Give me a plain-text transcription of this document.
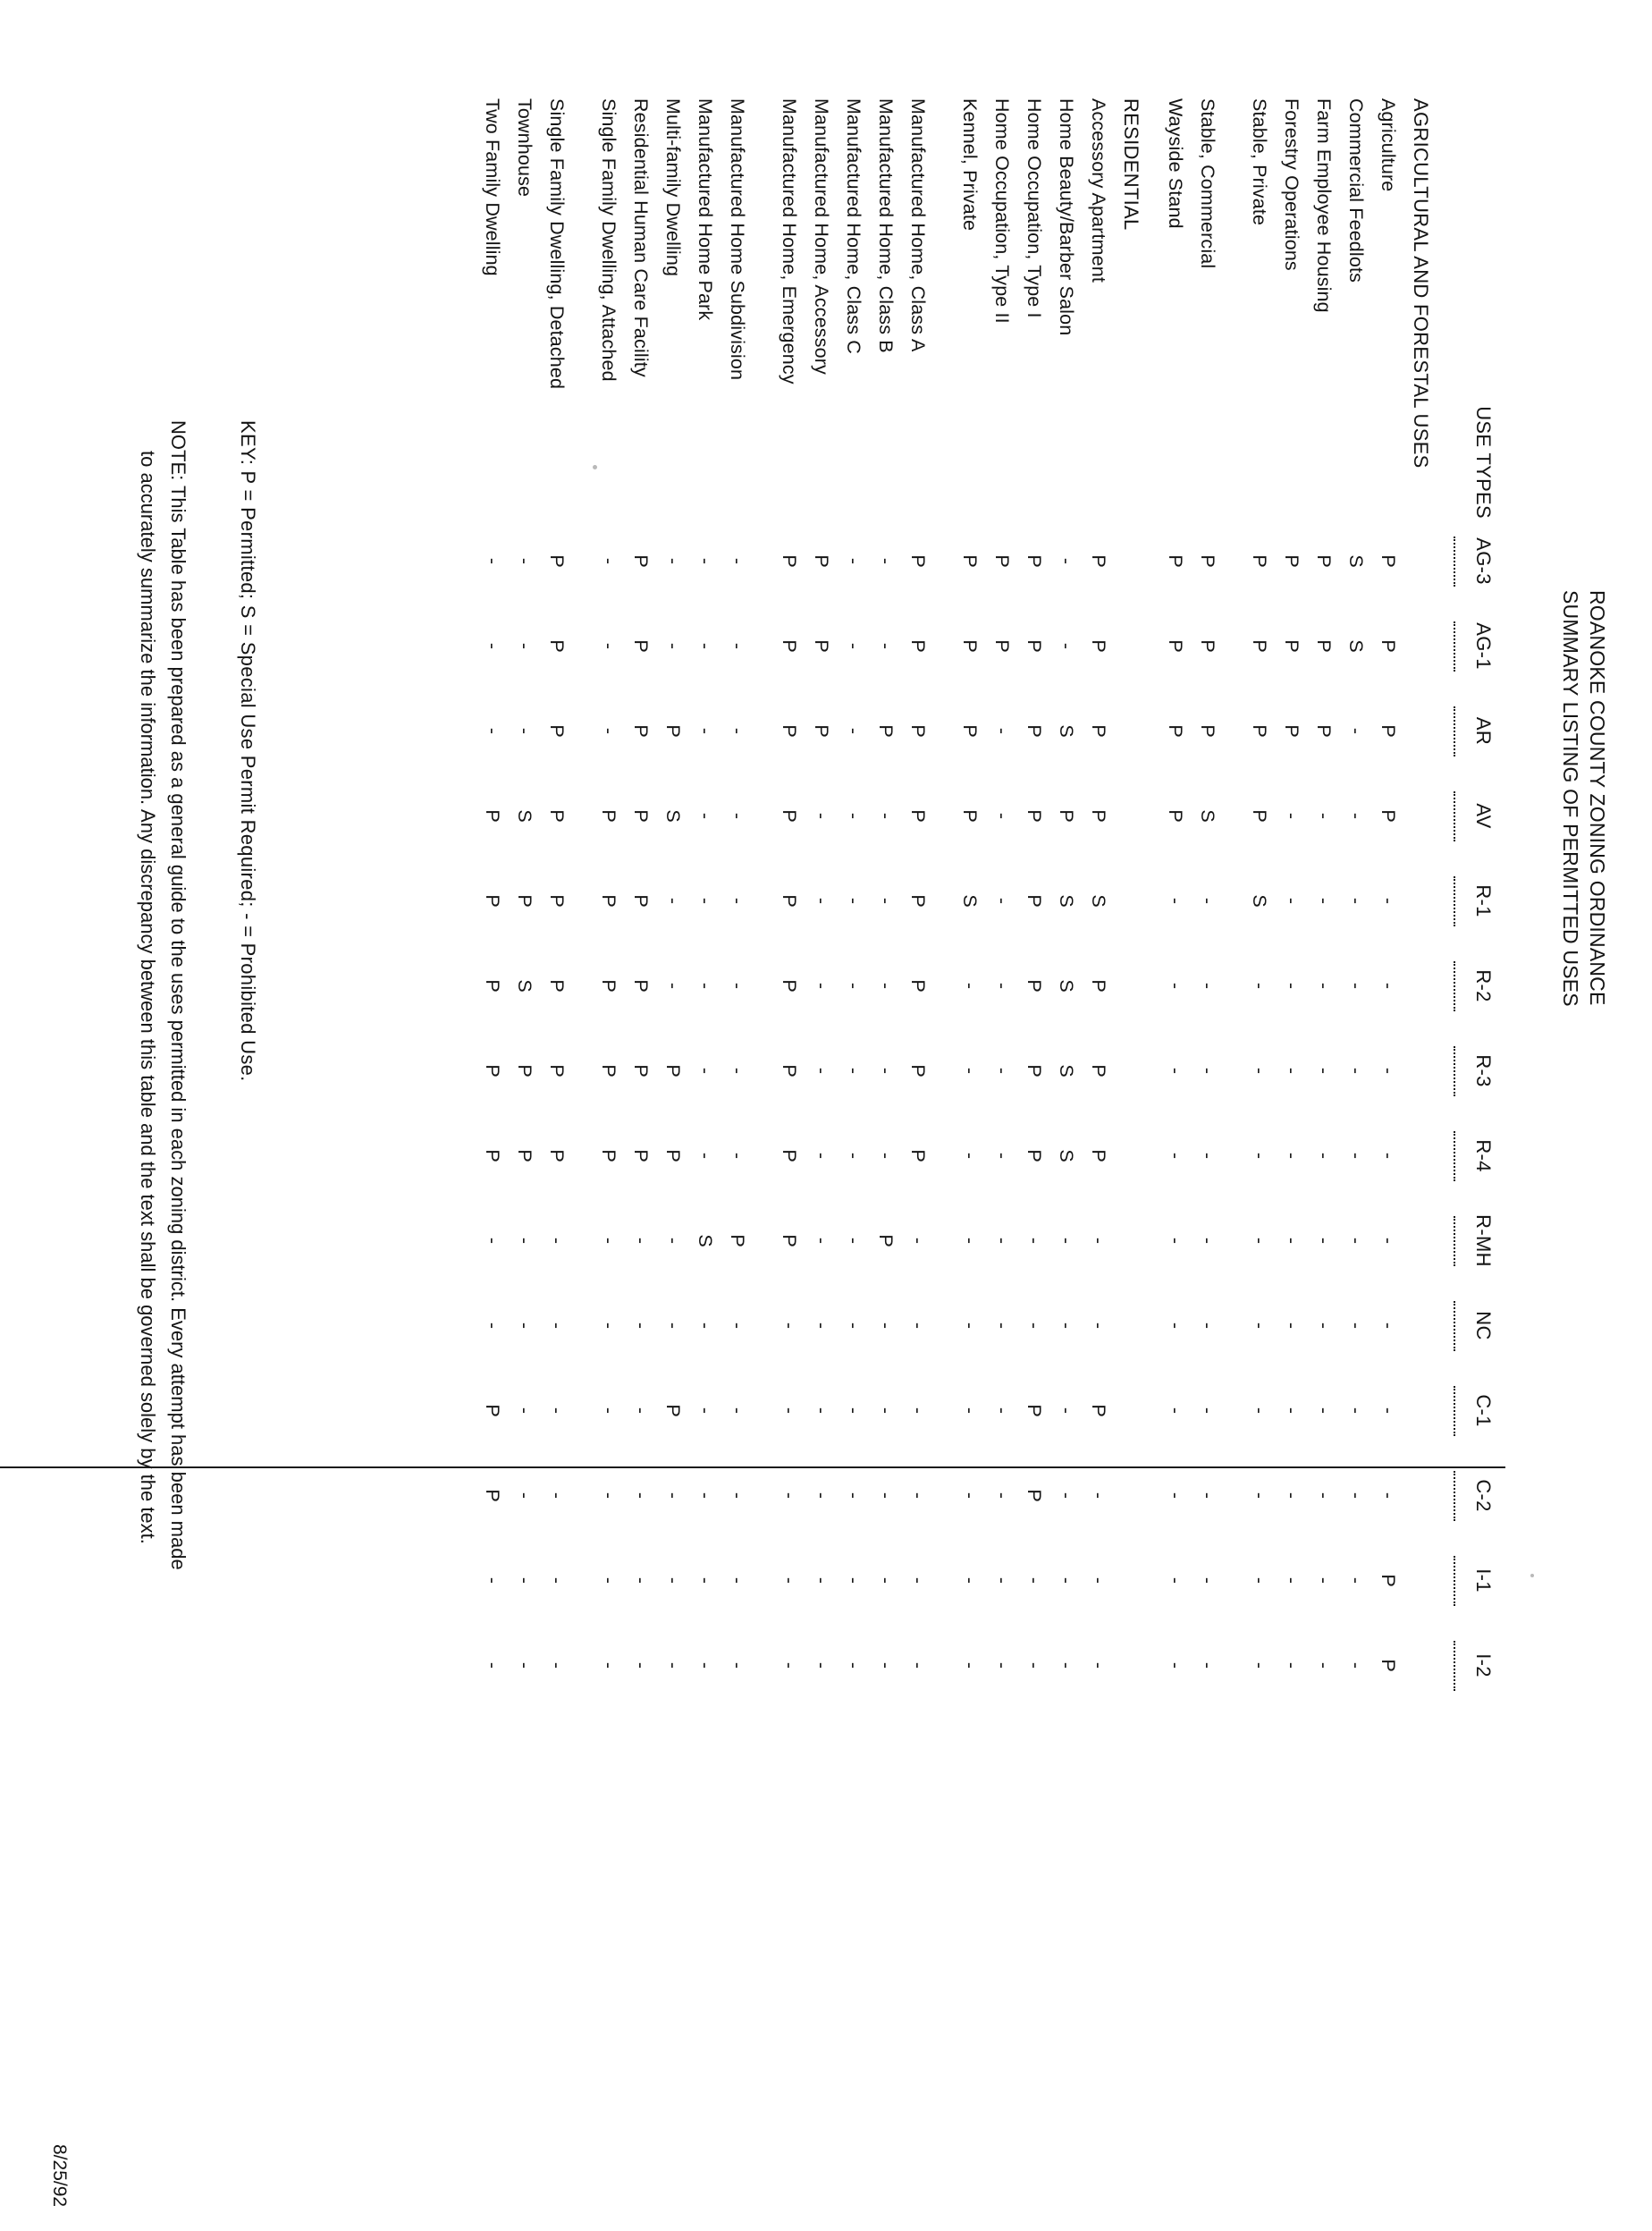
ROANOKE COUNTY ZONING ORDINANCE
SUMMARY LISTING OF PERMITTED USES
USE TYPES	AG-3	AG-1	AR	AV	R-1	R-2	R-3	R-4	R-MH	NC	C-1	C-2	I-1	I-2

AGRICULTURAL AND FORESTAL USES														
Agriculture	P	P	P	P	-	-	-	-	-	-	-	-	P	P
Commercial Feedlots	S	S	-	-	-	-	-	-	-	-	-	-	-	-
Farm Employee Housing	P	P	P	-	-	-	-	-	-	-	-	-	-	-
Forestry Operations	P	P	P	-	-	-	-	-	-	-	-	-	-	-
Stable, Private	P	P	P	P	S	-	-	-	-	-	-	-	-	-

Stable, Commercial	P	P	P	S	-	-	-	-	-	-	-	-	-	-
Wayside Stand	P	P	P	P	-	-	-	-	-	-	-	-	-	-
RESIDENTIAL														
Accessory Apartment	P	P	P	P	S	P	P	P	-	-	P	-	-	-
Home Beauty/Barber Salon	-	-	S	P	S	S	S	S	-	-	-	-	-	-
Home Occupation, Type I	P	P	P	P	P	P	P	P	-	-	P	P	-	-
Home Occupation, Type II	P	P	-	-	-	-	-	-	-	-	-	-	-	-
Kennel, Private	P	P	P	P	S	-	-	-	-	-	-	-	-	-

Manufactured Home, Class A	P	P	P	P	P	P	P	P	-	-	-	-	-	-
Manufactured Home, Class B	-	-	P	-	-	-	-	-	P	-	-	-	-	-
Manufactured Home, Class C	-	-	-	-	-	-	-	-	-	-	-	-	-	-
Manufactured Home, Accessory	P	P	P	-	-	-	-	-	-	-	-	-	-	-
Manufactured Home, Emergency	P	P	P	P	P	P	P	P	P	-	-	-	-	-

Manufactured Home Subdivision	-	-	-	-	-	-	-	-	P	-	-	-	-	-
Manufactured Home Park	-	-	-	-	-	-	-	-	S	-	-	-	-	-
Multi-family Dwelling	-	-	P	S	-	-	P	P	-	-	P	-	-	-
Residential Human Care Facility	P	P	P	P	P	P	P	P	-	-	-	-	-	-
Single Family Dwelling, Attached	-	-	-	P	P	P	P	P	-	-	-	-	-	-

Single Family Dwelling, Detached	P	P	P	P	P	P	P	P	-	-	-	-	-	-
Townhouse	-	-	-	S	P	S	P	P	-	-	-	-	-	-
Two Family Dwelling	-	-	-	P	P	P	P	P	-	-	P	P	-	-
KEY: P = Permitted; S = Special Use Permit Required; - = Prohibited Use.
NOTE: This Table has been prepared as a general guide to the uses permitted in each zoning district. Every attempt has been made
to accurately summarize the information. Any discrepancy between this table and the text shall be governed solely by the text.
8/25/92
